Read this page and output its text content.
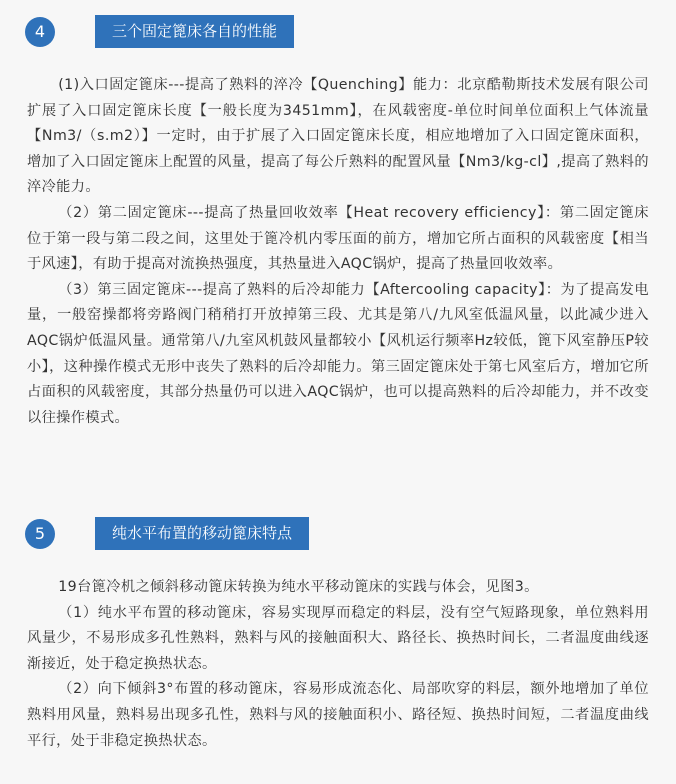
4	三个固定篦床各自的性能

(1)入口固定篦床---提高了熟料的淬冷【Quenching】能力：北京酷勒斯技术发展有限公司扩展了入口固定篦床长度【一般长度为3451mm】，在风载密度-单位时间单位面积上气体流量【Nm3/（s.m2）】一定时，由于扩展了入口固定篦床长度，相应地增加了入口固定篦床面积，增加了入口固定篦床上配置的风量，提高了每公斤熟料的配置风量【Nm3/kg-cl】,提高了熟料的淬冷能力。

（2）第二固定篦床---提高了热量回收效率【Heat recovery efficiency】：第二固定篦床位于第一段与第二段之间，这里处于篦冷机内零压面的前方，增加它所占面积的风载密度【相当于风速】，有助于提高对流换热强度，其热量进入AQC锅炉，提高了热量回收效率。

（3）第三固定篦床---提高了熟料的后冷却能力【Aftercooling capacity】：为了提高发电量，一般窑操都将旁路阀门稍稍打开放掉第三段、尤其是第八/九风室低温风量，以此减少进入AQC锅炉低温风量。通常第八/九室风机鼓风量都较小【风机运行频率Hz较低，篦下风室静压P较小】，这种操作模式无形中丧失了熟料的后冷却能力。第三固定篦床处于第七风室后方，增加它所占面积的风载密度，其部分热量仍可以进入AQC锅炉，也可以提高熟料的后冷却能力，并不改变以往操作模式。

5	纯水平布置的移动篦床特点

19台篦冷机之倾斜移动篦床转换为纯水平移动篦床的实践与体会，见图3。

（1）纯水平布置的移动篦床，容易实现厚而稳定的料层，没有空气短路现象，单位熟料用风量少，不易形成多孔性熟料，熟料与风的接触面积大、路径长、换热时间长，二者温度曲线逐渐接近，处于稳定换热状态。

（2）向下倾斜3°布置的移动篦床，容易形成流态化、局部吹穿的料层，额外地增加了单位熟料用风量，熟料易出现多孔性，熟料与风的接触面积小、路径短、换热时间短，二者温度曲线平行，处于非稳定换热状态。
